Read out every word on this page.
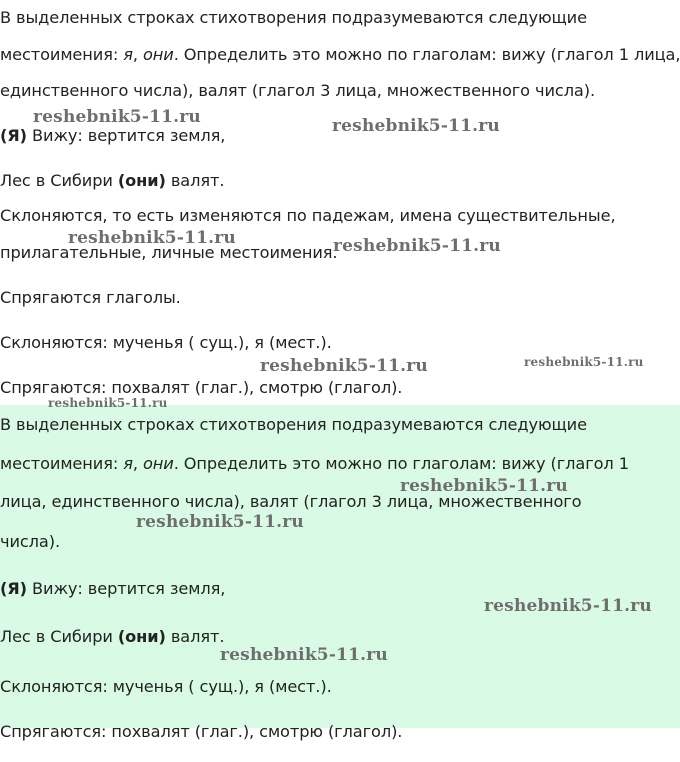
В выделенных строках стихотворения подразумеваются следующие

местоимения: я, они. Определить это можно по глаголам: вижу (глагол 1 лица,

единственного числа), валят (глагол 3 лица, множественного числа).

(Я) Вижу: вертится земля,

Лес в Сибири (они) валят.

Склоняются, то есть изменяются по падежам, имена существительные,

прилагательные, личные местоимения.

Спрягаются глаголы.

Склоняются: мученья ( сущ.), я (мест.).

Спрягаются: похвалят (глаг.), смотрю (глагол).

В выделенных строках стихотворения подразумеваются следующие

местоимения: я, они. Определить это можно по глаголам: вижу (глагол 1

лица, единственного числа), валят (глагол 3 лица, множественного

числа).

(Я) Вижу: вертится земля,

Лес в Сибири (они) валят.

Склоняются: мученья ( сущ.), я (мест.).

Спрягаются: похвалят (глаг.), смотрю (глагол).

reshebnik5-11.ru	reshebnik5-11.ru
reshebnik5-11.ru	reshebnik5-11.ru
reshebnik5-11.ru	reshebnik5-11.ru
reshebnik5-11.ru
reshebnik5-11.ru
reshebnik5-11.ru
reshebnik5-11.ru
reshebnik5-11.ru
